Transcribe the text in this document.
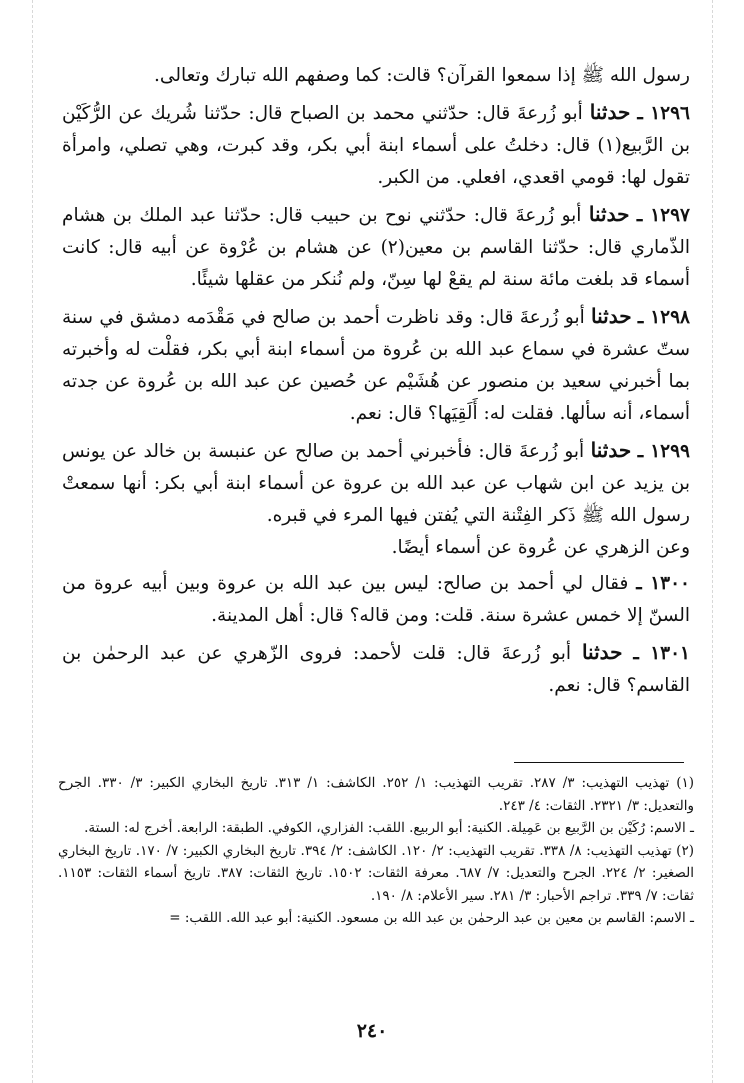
رسول الله ﷺ إذا سمعوا القرآن؟ قالت: كما وصفهم الله تبارك وتعالى.

١٢٩٦ ـ حدثنا أبو زُرعةَ قال: حدّثني محمد بن الصباح قال: حدّثنا شُريك عن الرُّكَيْن بن الرَّبيع(١) قال: دخلتُ على أسماء ابنة أبي بكر، وقد كبرت، وهي تصلي، وامرأة تقول لها: قومي اقعدي، افعلي. من الكبر.

١٢٩٧ ـ حدثنا أبو زُرعةَ قال: حدّثني نوح بن حبيب قال: حدّثنا عبد الملك بن هشام الذّماري قال: حدّثنا القاسم بن معين(٢) عن هشام بن عُرْوة عن أبيه قال: كانت أسماء قد بلغت مائة سنة لم يقعْ لها سِنّ، ولم نُنكر من عقلها شيئًا.

١٢٩٨ ـ حدثنا أبو زُرعةَ قال: وقد ناظرت أحمد بن صالح في مَقْدَمه دمشق في سنة ستّ عشرة في سماع عبد الله بن عُروة من أسماء ابنة أبي بكر، فقلْت له وأخبرته بما أخبرني سعيد بن منصور عن هُشَيْم عن حُصين عن عبد الله بن عُروة عن جدته أسماء، أنه سألها. فقلت له: أَلَقِيَها؟ قال: نعم.

١٢٩٩ ـ حدثنا أبو زُرعةَ قال: فأخبرني أحمد بن صالح عن عنبسة بن خالد عن يونس بن يزيد عن ابن شهاب عن عبد الله بن عروة عن أسماء ابنة أبي بكر: أنها سمعتْ رسول الله ﷺ ذَكر الفِتْنة التي يُفتن فيها المرء في قبره.

وعن الزهري عن عُروة عن أسماء أيضًا.

١٣٠٠ ـ فقال لي أحمد بن صالح: ليس بين عبد الله بن عروة وبين أبيه عروة من السنّ إلا خمس عشرة سنة. قلت: ومن قاله؟ قال: أهل المدينة.

١٣٠١ ـ حدثنا أبو زُرعةَ قال: قلت لأحمد: فروى الزّهري عن عبد الرحمٰن بن القاسم؟ قال: نعم.

(١) تهذيب التهذيب: ٣/ ٢٨٧. تقريب التهذيب: ١/ ٢٥٢. الكاشف: ١/ ٣١٣. تاريخ البخاري الكبير: ٣/ ٣٣٠. الجرح والتعديل: ٣/ ٢٣٢١. الثقات: ٤/ ٢٤٣.

ـ الاسم: رُكَيْن بن الرَّبيع بن عَمِيلة. الكنية: أبو الربيع. اللقب: الفزاري، الكوفي. الطبقة: الرابعة. أخرج له: الستة.

(٢) تهذيب التهذيب: ٨/ ٣٣٨. تقريب التهذيب: ٢/ ١٢٠. الكاشف: ٢/ ٣٩٤. تاريخ البخاري الكبير: ٧/ ١٧٠. تاريخ البخاري الصغير: ٢/ ٢٢٤. الجرح والتعديل: ٧/ ٦٨٧. معرفة الثقات: ١٥٠٢. تاريخ الثقات: ٣٨٧. تاريخ أسماء الثقات: ١١٥٣. ثقات: ٧/ ٣٣٩. تراجم الأحبار: ٣/ ٢٨١. سير الأعلام: ٨/ ١٩٠.

ـ الاسم: القاسم بن معين بن عبد الرحمٰن بن عبد الله بن مسعود. الكنية: أبو عبد الله. اللقب: =

٢٤٠
